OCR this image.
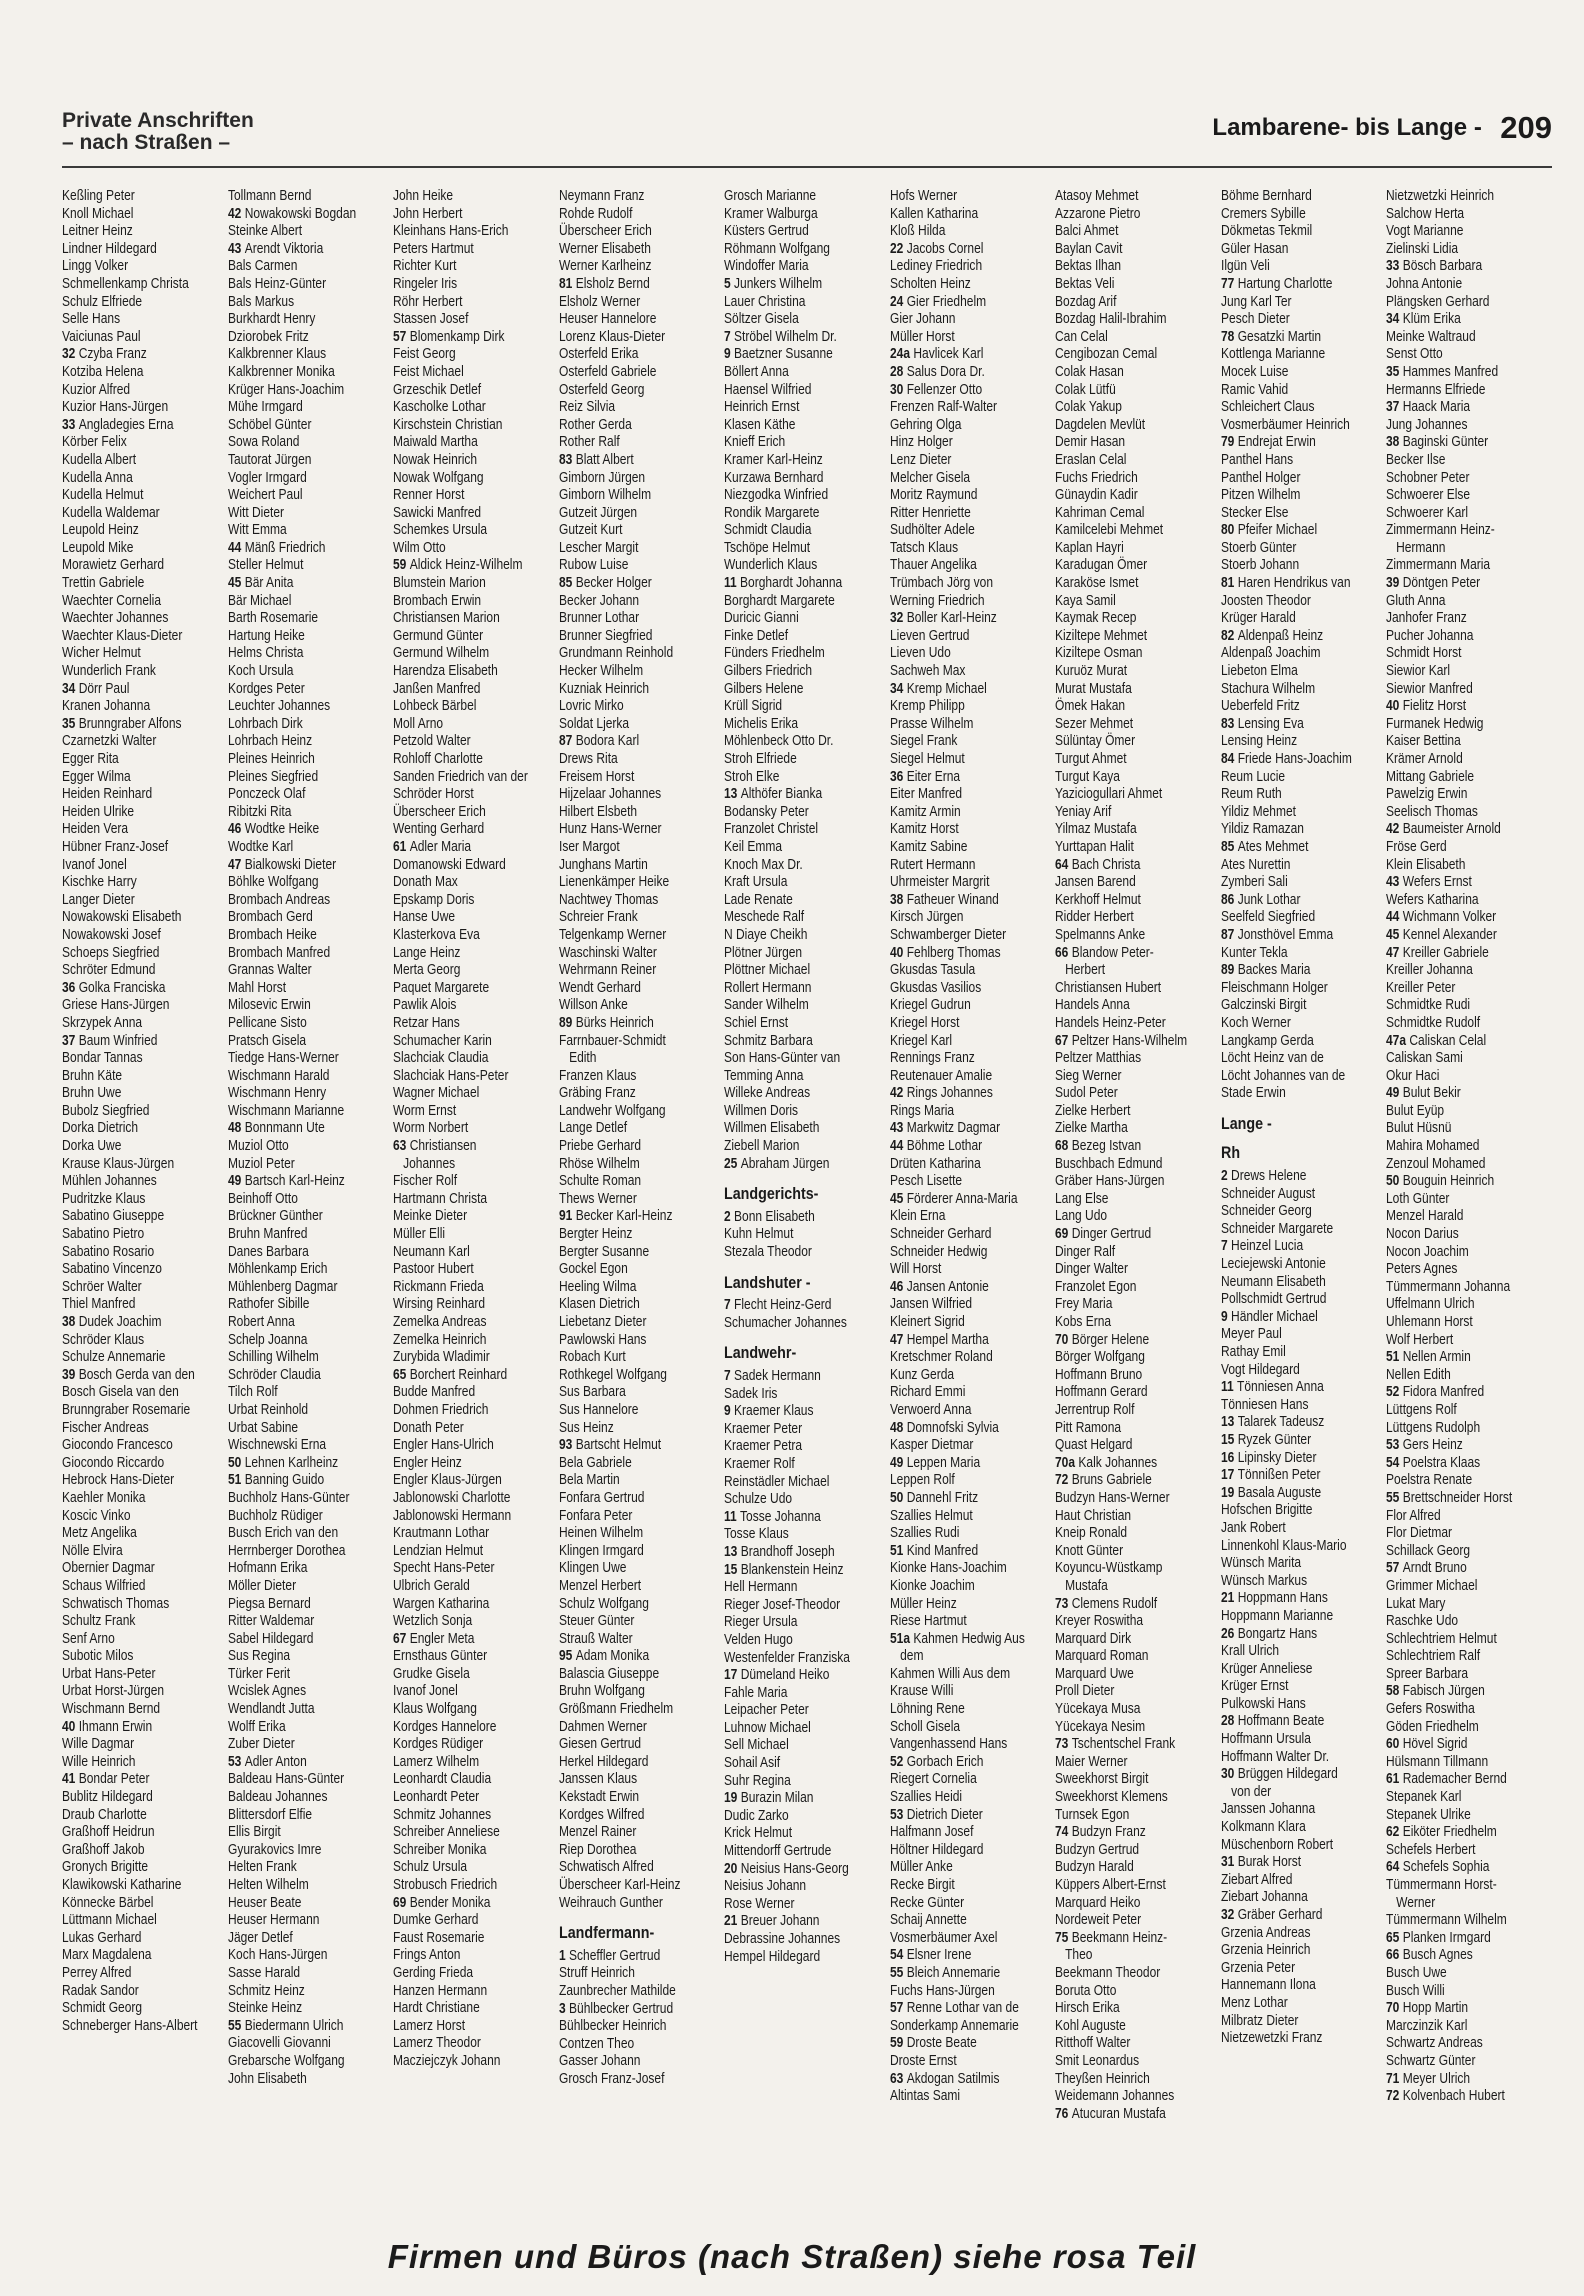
Private Anschriften
– nach Straßen –
Lambarene- bis Lange - 209
Keßling Peter
Knoll Michael
Leitner Heinz
Lindner Hildegard
Lingg Volker
Schmellenkamp Christa
Schulz Elfriede
Selle Hans
Vaiciunas Paul
32 Czyba Franz
Kotziba Helena
Kuzior Alfred
Kuzior Hans-Jürgen
33 Angladegies Erna
Körber Felix
Kudella Albert
Kudella Anna
Kudella Helmut
Kudella Waldemar
Leupold Heinz
Leupold Mike
Morawietz Gerhard
Trettin Gabriele
Waechter Cornelia
Waechter Johannes
Waechter Klaus-Dieter
Wicher Helmut
Wunderlich Frank
34 Dörr Paul
Kranen Johanna
35 Brunngraber Alfons
Czarnetzki Walter
Egger Rita
Egger Wilma
Heiden Reinhard
Heiden Ulrike
Heiden Vera
Hübner Franz-Josef
Ivanof Jonel
Kischke Harry
Langer Dieter
Nowakowski Elisabeth
Nowakowski Josef
Schoeps Siegfried
Schröter Edmund
36 Golka Franciska
Griese Hans-Jürgen
Skrzypek Anna
37 Baum Winfried
Bondar Tannas
Bruhn Käte
Bruhn Uwe
Bubolz Siegfried
Dorka Dietrich
Dorka Uwe
Krause Klaus-Jürgen
Mühlen Johannes
Pudritzke Klaus
Sabatino Giuseppe
Sabatino Pietro
Sabatino Rosario
Sabatino Vincenzo
Schröer Walter
Thiel Manfred
38 Dudek Joachim
Schröder Klaus
Schulze Annemarie
39 Bosch Gerda van den
Bosch Gisela van den
Brunngraber Rosemarie
Fischer Andreas
Giocondo Francesco
Giocondo Riccardo
Hebrock Hans-Dieter
Kaehler Monika
Koscic Vinko
Metz Angelika
Nölle Elvira
Obernier Dagmar
Schaus Wilfried
Schwatisch Thomas
Schultz Frank
Senf Arno
Subotic Milos
Urbat Hans-Peter
Urbat Horst-Jürgen
Wischmann Bernd
40 Ihmann Erwin
Wille Dagmar
Wille Heinrich
41 Bondar Peter
Bublitz Hildegard
Draub Charlotte
Graßhoff Heidrun
Graßhoff Jakob
Gronych Brigitte
Klawikowski Katharine
Könnecke Bärbel
Lüttmann Michael
Lukas Gerhard
Marx Magdalena
Perrey Alfred
Radak Sandor
Schmidt Georg
Schneberger Hans-Albert
Tollmann Bernd
42 Nowakowski Bogdan
Steinke Albert
43 Arendt Viktoria
Bals Carmen
Bals Heinz-Günter
Bals Markus
Burkhardt Henry
Dziorobek Fritz
Kalkbrenner Klaus
Kalkbrenner Monika
Krüger Hans-Joachim
Mühe Irmgard
Schöbel Günter
Sowa Roland
Tautorat Jürgen
Vogler Irmgard
Weichert Paul
Witt Dieter
Witt Emma
44 Mänß Friedrich
Steller Helmut
45 Bär Anita
Bär Michael
Barth Rosemarie
Hartung Heike
Helms Christa
Koch Ursula
Kordges Peter
Leuchter Johannes
Lohrbach Dirk
Lohrbach Heinz
Pleines Heinrich
Pleines Siegfried
Ponczeck Olaf
Ribitzki Rita
46 Wodtke Heike
Wodtke Karl
47 Bialkowski Dieter
Böhlke Wolfgang
Brombach Andreas
Brombach Gerd
Brombach Heike
Brombach Manfred
Grannas Walter
Mahl Horst
Milosevic Erwin
Pellicane Sisto
Pratsch Gisela
Tiedge Hans-Werner
Wischmann Harald
Wischmann Henry
Wischmann Marianne
48 Bonnmann Ute
Muziol Otto
Muziol Peter
49 Bartsch Karl-Heinz
Beinhoff Otto
Brückner Günther
Bruhn Manfred
Danes Barbara
Möhlenkamp Erich
Mühlenberg Dagmar
Rathofer Sibille
Robert Anna
Schelp Joanna
Schilling Wilhelm
Schröder Claudia
Tilch Rolf
Urbat Reinhold
Urbat Sabine
Wischnewski Erna
50 Lehnen Karlheinz
51 Banning Guido
Buchholz Hans-Günter
Buchholz Rüdiger
Busch Erich van den
Herrnberger Dorothea
Hofmann Erika
Möller Dieter
Piegsa Bernard
Ritter Waldemar
Sabel Hildegard
Sus Regina
Türker Ferit
Wcislek Agnes
Wendlandt Jutta
Wolff Erika
Zuber Dieter
53 Adler Anton
Baldeau Hans-Günter
Baldeau Johannes
Blittersdorf Elfie
Ellis Birgit
Gyurakovics Imre
Helten Frank
Helten Wilhelm
Heuser Beate
Heuser Hermann
Jäger Detlef
Koch Hans-Jürgen
Sasse Harald
Schmitz Heinz
Steinke Heinz
55 Biedermann Ulrich
Giacovelli Giovanni
Grebarsche Wolfgang
John Elisabeth
John Heike
John Herbert
Kleinhans Hans-Erich
Peters Hartmut
Richter Kurt
Ringeler Iris
Röhr Herbert
Stassen Josef
57 Blomenkamp Dirk
Feist Georg
Feist Michael
Grzeschik Detlef
Kascholke Lothar
Kirschstein Christian
Maiwald Martha
Nowak Heinrich
Nowak Wolfgang
Renner Horst
Sawicki Manfred
Schemkes Ursula
Wilm Otto
59 Aldick Heinz-Wilhelm
Blumstein Marion
Brombach Erwin
Christiansen Marion
Germund Günter
Germund Wilhelm
Harendza Elisabeth
Janßen Manfred
Lohbeck Bärbel
Moll Arno
Petzold Walter
Rohloff Charlotte
Sanden Friedrich van der
Schröder Horst
Überscheer Erich
Wenting Gerhard
61 Adler Maria
Domanowski Edward
Donath Max
Epskamp Doris
Hanse Uwe
Klasterkova Eva
Lange Heinz
Merta Georg
Paquet Margarete
Pawlik Alois
Retzar Hans
Schumacher Karin
Slachciak Claudia
Slachciak Hans-Peter
Wagner Michael
Worm Ernst
Worm Norbert
63 Christiansen Johannes
Fischer Rolf
Hartmann Christa
Meinke Dieter
Müller Elli
Neumann Karl
Pastoor Hubert
Rickmann Frieda
Wirsing Reinhard
Zemelka Andreas
Zemelka Heinrich
Zurybida Wladimir
65 Borchert Reinhard
Budde Manfred
Dohmen Friedrich
Donath Peter
Engler Hans-Ulrich
Engler Heinz
Engler Klaus-Jürgen
Jablonowski Charlotte
Jablonowski Hermann
Krautmann Lothar
Lendzian Helmut
Specht Hans-Peter
Ulbrich Gerald
Wargen Katharina
Wetzlich Sonja
67 Engler Meta
Ernsthaus Günter
Grudke Gisela
Ivanof Jonel
Klaus Wolfgang
Kordges Hannelore
Kordges Rüdiger
Lamerz Wilhelm
Leonhardt Claudia
Leonhardt Peter
Schmitz Johannes
Schreiber Anneliese
Schreiber Monika
Schulz Ursula
Strobusch Friedrich
69 Bender Monika
Dumke Gerhard
Faust Rosemarie
Frings Anton
Gerding Frieda
Hanzen Hermann
Hardt Christiane
Lamerz Horst
Lamerz Theodor
Macziejczyk Johann
Neymann Franz
Rohde Rudolf
Überscheer Erich
Werner Elisabeth
Werner Karlheinz
81 Elsholz Bernd
Elsholz Werner
Heuser Hannelore
Lorenz Klaus-Dieter
Osterfeld Erika
Osterfeld Gabriele
Osterfeld Georg
Reiz Silvia
Rother Gerda
Rother Ralf
83 Blatt Albert
Gimborn Jürgen
Gimborn Wilhelm
Gutzeit Jürgen
Gutzeit Kurt
Lescher Margit
Rubow Luise
85 Becker Holger
Becker Johann
Brunner Lothar
Brunner Siegfried
Grundmann Reinhold
Hecker Wilhelm
Kuzniak Heinrich
Lovric Mirko
Soldat Ljerka
87 Bodora Karl
Drews Rita
Freisem Horst
Hijzelaar Johannes
Hilbert Elsbeth
Hunz Hans-Werner
Iser Margot
Junghans Martin
Lienenkämper Heike
Nachtwey Thomas
Schreier Frank
Telgenkamp Werner
Waschinski Walter
Wehrmann Reiner
Wendt Gerhard
Willson Anke
89 Bürks Heinrich
Farrnbauer-Schmidt Edith
Franzen Klaus
Gräbing Franz
Landwehr Wolfgang
Lange Detlef
Priebe Gerhard
Rhöse Wilhelm
Schulte Roman
Thews Werner
91 Becker Karl-Heinz
Bergter Heinz
Bergter Susanne
Gockel Egon
Heeling Wilma
Klasen Dietrich
Liebetanz Dieter
Pawlowski Hans
Robach Kurt
Rothkegel Wolfgang
Sus Barbara
Sus Hannelore
Sus Heinz
93 Bartscht Helmut
Bela Gabriele
Bela Martin
Fonfara Gertrud
Fonfara Peter
Heinen Wilhelm
Klingen Irmgard
Klingen Uwe
Menzel Herbert
Schulz Wolfgang
Steuer Günter
Strauß Walter
95 Adam Monika
Balascia Giuseppe
Bruhn Wolfgang
Größmann Friedhelm
Dahmen Werner
Giesen Gertrud
Herkel Hildegard
Janssen Klaus
Kekstadt Erwin
Kordges Wilfred
Menzel Rainer
Riep Dorothea
Schwatisch Alfred
Überscheer Karl-Heinz
Weihrauch Gunther
Landfermann-
1 Scheffler Gertrud
Struff Heinrich
Zaunbrecher Mathilde
3 Bühlbecker Gertrud
Bühlbecker Heinrich
Contzen Theo
Gasser Johann
Grosch Franz-Josef
Grosch Marianne
Kramer Walburga
Küsters Gertrud
Röhmann Wolfgang
Windoffer Maria
5 Junkers Wilhelm
Lauer Christina
Söltzer Gisela
7 Ströbel Wilhelm Dr.
9 Baetzner Susanne
Böllert Anna
Haensel Wilfried
Heinrich Ernst
Klasen Käthe
Knieff Erich
Kramer Karl-Heinz
Kurzawa Bernhard
Niezgodka Winfried
Rondik Margarete
Schmidt Claudia
Tschöpe Helmut
Wunderlich Klaus
11 Borghardt Johanna
Borghardt Margarete
Duricic Gianni
Finke Detlef
Fünders Friedhelm
Gilbers Friedrich
Gilbers Helene
Krüll Sigrid
Michelis Erika
Möhlenbeck Otto Dr.
Stroh Elfriede
Stroh Elke
13 Althöfer Bianka
Bodansky Peter
Franzolet Christel
Keil Emma
Knoch Max Dr.
Kraft Ursula
Lade Renate
Meschede Ralf
N Diaye Cheikh
Plötner Jürgen
Plöttner Michael
Rollert Hermann
Sander Wilhelm
Schiel Ernst
Schmitz Barbara
Son Hans-Günter van
Temming Anna
Willeke Andreas
Willmen Doris
Willmen Elisabeth
Ziebell Marion
25 Abraham Jürgen
Landgerichts-
2 Bonn Elisabeth
Kuhn Helmut
Stezala Theodor
Landshuter -
7 Flecht Heinz-Gerd
Schumacher Johannes
Landwehr-
7 Sadek Hermann
Sadek Iris
9 Kraemer Klaus
Kraemer Peter
Kraemer Petra
Kraemer Rolf
Reinstädler Michael
Schulze Udo
11 Tosse Johanna
Tosse Klaus
13 Brandhoff Joseph
15 Blankenstein Heinz
Hell Hermann
Rieger Josef-Theodor
Rieger Ursula
Velden Hugo
Westenfelder Franziska
17 Dümeland Heiko
Fahle Maria
Leipacher Peter
Luhnow Michael
Sell Michael
Sohail Asif
Suhr Regina
19 Burazin Milan
Dudic Zarko
Krick Helmut
Mittendorff Gertrude
20 Neisius Hans-Georg
Neisius Johann
Rose Werner
21 Breuer Johann
Debrassine Johannes
Hempel Hildegard
Hofs Werner
Kallen Katharina
Kloß Hilda
22 Jacobs Cornel
Lediney Friedrich
Scholten Heinz
24 Gier Friedhelm
Gier Johann
Müller Horst
24a Havlicek Karl
28 Salus Dora Dr.
30 Fellenzer Otto
Frenzen Ralf-Walter
Gehring Olga
Hinz Holger
Lenz Dieter
Melcher Gisela
Moritz Raymund
Ritter Henriette
Sudhölter Adele
Tatsch Klaus
Thauer Angelika
Trümbach Jörg von
Werning Friedrich
32 Boller Karl-Heinz
Lieven Gertrud
Lieven Udo
Sachweh Max
34 Kremp Michael
Kremp Philipp
Prasse Wilhelm
Siegel Frank
Siegel Helmut
36 Eiter Erna
Eiter Manfred
Kamitz Armin
Kamitz Horst
Kamitz Sabine
Rutert Hermann
Uhrmeister Margrit
38 Fatheuer Winand
Kirsch Jürgen
Schwamberger Dieter
40 Fehlberg Thomas
Gkusdas Tasula
Gkusdas Vasilios
Kriegel Gudrun
Kriegel Horst
Kriegel Karl
Rennings Franz
Reutenauer Amalie
42 Rings Johannes
Rings Maria
43 Markwitz Dagmar
44 Böhme Lothar
Drüten Katharina
Pesch Lisette
45 Förderer Anna-Maria
Klein Erna
Schneider Gerhard
Schneider Hedwig
Will Horst
46 Jansen Antonie
Jansen Wilfried
Kleinert Sigrid
47 Hempel Martha
Kretschmer Roland
Kunz Gerda
Richard Emmi
Verwoerd Anna
48 Domnofski Sylvia
Kasper Dietmar
49 Leppen Maria
Leppen Rolf
50 Dannehl Fritz
Szallies Helmut
Szallies Rudi
51 Kind Manfred
Kionke Hans-Joachim
Kionke Joachim
Müller Heinz
Riese Hartmut
51a Kahmen Hedwig Aus dem
Kahmen Willi Aus dem
Krause Willi
Löhning Rene
Scholl Gisela
Vangenhassend Hans
52 Gorbach Erich
Riegert Cornelia
Szallies Heidi
53 Dietrich Dieter
Halfmann Josef
Höltner Hildegard
Müller Anke
Recke Birgit
Recke Günter
Schaij Annette
Vosmerbäumer Axel
54 Elsner Irene
55 Bleich Annemarie
Fuchs Hans-Jürgen
57 Renne Lothar van de
Sonderkamp Annemarie
59 Droste Beate
Droste Ernst
63 Akdogan Satilmis
Altintas Sami
Atasoy Mehmet
Azzarone Pietro
Balci Ahmet
Baylan Cavit
Bektas Ilhan
Bektas Veli
Bozdag Arif
Bozdag Halil-Ibrahim
Can Celal
Cengibozan Cemal
Colak Hasan
Colak Lütfü
Colak Yakup
Dagdelen Mevlüt
Demir Hasan
Eraslan Celal
Fuchs Friedrich
Günaydin Kadir
Kahriman Cemal
Kamilcelebi Mehmet
Kaplan Hayri
Karadugan Ömer
Karaköse Ismet
Kaya Samil
Kaymak Recep
Kiziltepe Mehmet
Kiziltepe Osman
Kuruöz Murat
Murat Mustafa
Ömek Hakan
Sezer Mehmet
Sülüntay Ömer
Turgut Ahmet
Turgut Kaya
Yaziciogullari Ahmet
Yeniay Arif
Yilmaz Mustafa
Yurttapan Halit
64 Bach Christa
Jansen Barend
Kerkhoff Helmut
Ridder Herbert
Spelmanns Anke
66 Blandow Peter-Herbert
Christiansen Hubert
Handels Anna
Handels Heinz-Peter
67 Peltzer Hans-Wilhelm
Peltzer Matthias
Sieg Werner
Sudol Peter
Zielke Herbert
Zielke Martha
68 Bezeg Istvan
Buschbach Edmund
Gräber Hans-Jürgen
Lang Else
Lang Udo
69 Dinger Gertrud
Dinger Ralf
Dinger Walter
Franzolet Egon
Frey Maria
Kobs Erna
70 Börger Helene
Börger Wolfgang
Hoffmann Bruno
Hoffmann Gerard
Jerrentrup Rolf
Pitt Ramona
Quast Helgard
70a Kalk Johannes
72 Bruns Gabriele
Budzyn Hans-Werner
Haut Christian
Kneip Ronald
Knott Günter
Koyuncu-Wüstkamp Mustafa
73 Clemens Rudolf
Kreyer Roswitha
Marquard Dirk
Marquard Roman
Marquard Uwe
Proll Dieter
Yücekaya Musa
Yücekaya Nesim
73 Tschentschel Frank
Maier Werner
Sweekhorst Birgit
Sweekhorst Klemens
Turnsek Egon
74 Budzyn Franz
Budzyn Gertrud
Budzyn Harald
Küppers Albert-Ernst
Marquard Heiko
Nordeweit Peter
75 Beekmann Heinz-Theo
Beekmann Theodor
Boruta Otto
Hirsch Erika
Kohl Auguste
Ritthoff Walter
Smit Leonardus
Theyßen Heinrich
Weidemann Johannes
76 Atucuran Mustafa
Böhme Bernhard
Cremers Sybille
Dökmetas Tekmil
Güler Hasan
Ilgün Veli
77 Hartung Charlotte
Jung Karl Ter
Pesch Dieter
78 Gesatzki Martin
Kottlenga Marianne
Mocek Luise
Ramic Vahid
Schleichert Claus
Vosmerbäumer Heinrich
79 Endrejat Erwin
Panthel Hans
Panthel Holger
Pitzen Wilhelm
Stecker Else
80 Pfeifer Michael
Stoerb Günter
Stoerb Johann
81 Haren Hendrikus van
Joosten Theodor
Krüger Harald
82 Aldenpaß Heinz
Aldenpaß Joachim
Liebeton Elma
Stachura Wilhelm
Ueberfeld Fritz
83 Lensing Eva
Lensing Heinz
84 Friede Hans-Joachim
Reum Lucie
Reum Ruth
Yildiz Mehmet
Yildiz Ramazan
85 Ates Mehmet
Ates Nurettin
Zymberi Sali
86 Junk Lothar
Seelfeld Siegfried
87 Jonsthövel Emma
Kunter Tekla
89 Backes Maria
Fleischmann Holger
Galczinski Birgit
Koch Werner
Langkamp Gerda
Löcht Heinz van de
Löcht Johannes van de
Stade Erwin
Lange -
Rh
2 Drews Helene
Schneider August
Schneider Georg
Schneider Margarete
7 Heinzel Lucia
Leciejewski Antonie
Neumann Elisabeth
Pollschmidt Gertrud
9 Händler Michael
Meyer Paul
Rathay Emil
Vogt Hildegard
11 Tönniesen Anna
Tönniesen Hans
13 Talarek Tadeusz
15 Ryzek Günter
16 Lipinsky Dieter
17 Tönnißen Peter
19 Basala Auguste
Hofschen Brigitte
Jank Robert
Linnenkohl Klaus-Mario
Wünsch Marita
Wünsch Markus
21 Hoppmann Hans
Hoppmann Marianne
26 Bongartz Hans
Krall Ulrich
Krüger Anneliese
Krüger Ernst
Pulkowski Hans
28 Hoffmann Beate
Hoffmann Ursula
Hoffmann Walter Dr.
30 Brüggen Hildegard von der
Janssen Johanna
Kolkmann Klara
Müschenborn Robert
31 Burak Horst
Ziebart Alfred
Ziebart Johanna
32 Gräber Gerhard
Grzenia Andreas
Grzenia Heinrich
Grzenia Peter
Hannemann Ilona
Menz Lothar
Milbratz Dieter
Nietzewetzki Franz
Nietzwetzki Heinrich
Salchow Herta
Vogt Marianne
Zielinski Lidia
33 Bösch Barbara
Johna Antonie
Plängsken Gerhard
34 Klüm Erika
Meinke Waltraud
Senst Otto
35 Hammes Manfred
Hermanns Elfriede
37 Haack Maria
Jung Johannes
38 Baginski Günter
Becker Ilse
Schobner Peter
Schwoerer Else
Schwoerer Karl
Zimmermann Heinz-Hermann
Zimmermann Maria
39 Döntgen Peter
Gluth Anna
Janhofer Franz
Pucher Johanna
Schmidt Horst
Siewior Karl
Siewior Manfred
40 Fielitz Horst
Furmanek Hedwig
Kaiser Bettina
Krämer Arnold
Mittang Gabriele
Pawelzig Erwin
Seelisch Thomas
42 Baumeister Arnold
Fröse Gerd
Klein Elisabeth
43 Wefers Ernst
Wefers Katharina
44 Wichmann Volker
45 Kennel Alexander
47 Kreiller Gabriele
Kreiller Johanna
Kreiller Peter
Schmidtke Rudi
Schmidtke Rudolf
47a Caliskan Celal
Caliskan Sami
Okur Haci
49 Bulut Bekir
Bulut Eyüp
Bulut Hüsnü
Mahira Mohamed
Zenzoul Mohamed
50 Bouguin Heinrich
Loth Günter
Menzel Harald
Nocon Darius
Nocon Joachim
Peters Agnes
Tümmermann Johanna
Uffelmann Ulrich
Uhlemann Horst
Wolf Herbert
51 Nellen Armin
Nellen Edith
52 Fidora Manfred
Lüttgens Rolf
Lüttgens Rudolph
53 Gers Heinz
54 Poelstra Klaas
Poelstra Renate
55 Brettschneider Horst
Flor Alfred
Flor Dietmar
Schillack Georg
57 Arndt Bruno
Grimmer Michael
Lukat Mary
Raschke Udo
Schlechtriem Helmut
Schlechtriem Ralf
Spreer Barbara
58 Fabisch Jürgen
Gefers Roswitha
Göden Friedhelm
60 Hövel Sigrid
Hülsmann Tillmann
61 Rademacher Bernd
Stepanek Karl
Stepanek Ulrike
62 Eiköter Friedhelm
Schefels Herbert
64 Schefels Sophia
Tümmermann Horst-Werner
Tümmermann Wilhelm
65 Planken Irmgard
66 Busch Agnes
Busch Uwe
Busch Willi
70 Hopp Martin
Marczinzik Karl
Schwartz Andreas
Schwartz Günter
71 Meyer Ulrich
72 Kolvenbach Hubert
Firmen und Büros (nach Straßen) siehe rosa Teil
